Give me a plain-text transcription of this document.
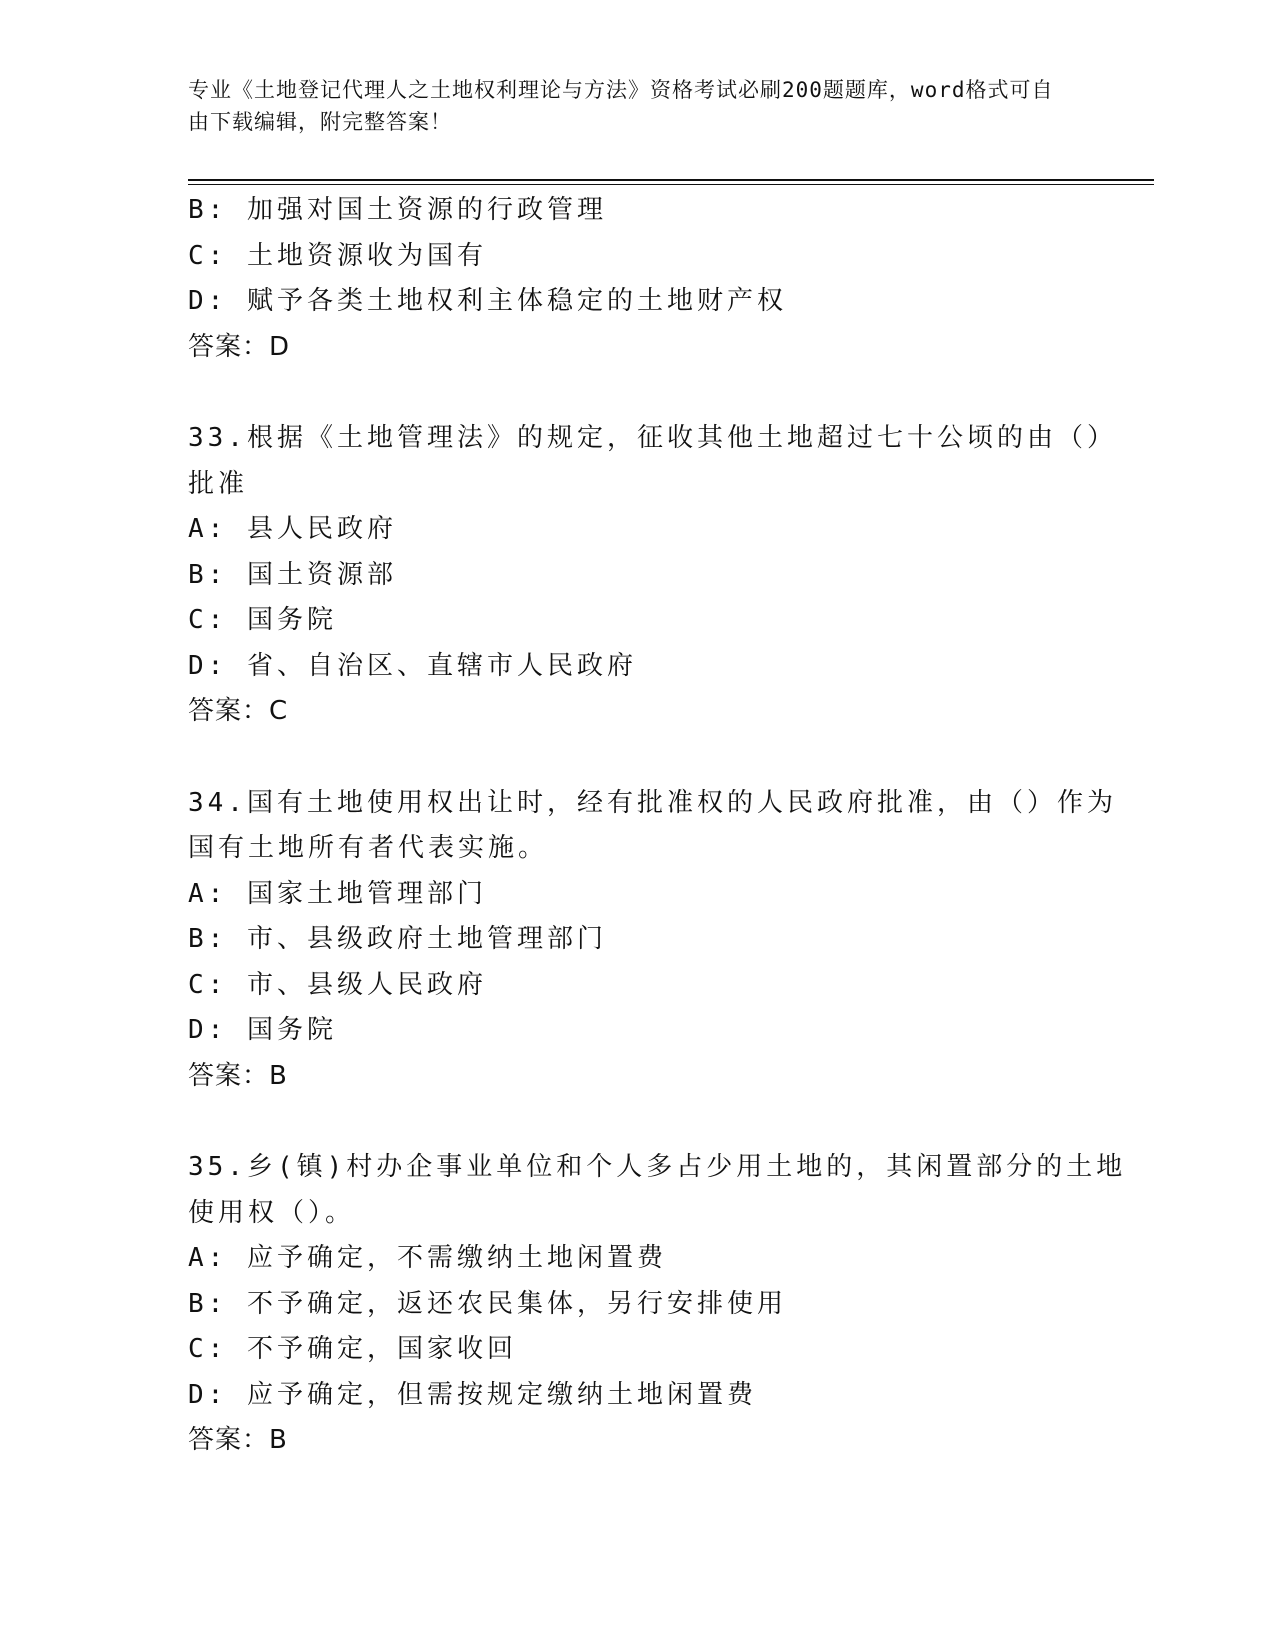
专业《土地登记代理人之土地权利理论与方法》资格考试必刷200题题库，word格式可自由下载编辑，附完整答案！
B: 加强对国土资源的行政管理
C: 土地资源收为国有
D: 赋予各类土地权利主体稳定的土地财产权
答案：D
33.根据《土地管理法》的规定，征收其他土地超过七十公顷的由（）
批准
A: 县人民政府
B: 国土资源部
C: 国务院
D: 省、自治区、直辖市人民政府
答案：C
34.国有土地使用权出让时，经有批准权的人民政府批准，由（）作为
国有土地所有者代表实施。
A: 国家土地管理部门
B: 市、县级政府土地管理部门
C: 市、县级人民政府
D: 国务院
答案：B
35.乡(镇)村办企事业单位和个人多占少用土地的，其闲置部分的土地
使用权（）。
A: 应予确定，不需缴纳土地闲置费
B: 不予确定，返还农民集体，另行安排使用
C: 不予确定，国家收回
D: 应予确定，但需按规定缴纳土地闲置费
答案：B
